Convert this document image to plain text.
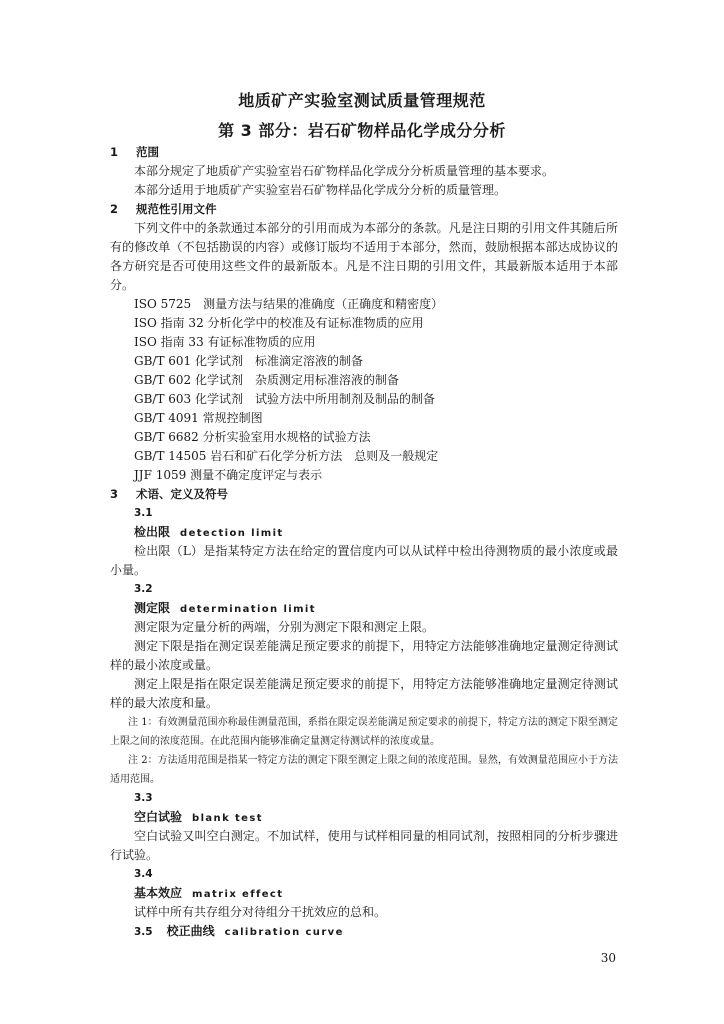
地质矿产实验室测试质量管理规范
第 3 部分：岩石矿物样品化学成分分析
1 范围
本部分规定了地质矿产实验室岩石矿物样品化学成分分析质量管理的基本要求。
本部分适用于地质矿产实验室岩石矿物样品化学成分分析的质量管理。
2 规范性引用文件
下列文件中的条款通过本部分的引用而成为本部分的条款。凡是注日期的引用文件其随后所有的修改单（不包括勘误的内容）或修订版均不适用于本部分，然而，鼓励根据本部达成协议的各方研究是否可使用这些文件的最新版本。凡是不注日期的引用文件，其最新版本适用于本部分。
ISO 5725　测量方法与结果的准确度（正确度和精密度）
ISO 指南 32 分析化学中的校准及有证标准物质的应用
ISO 指南 33 有证标准物质的应用
GB/T 601 化学试剂　标准滴定溶液的制备
GB/T 602 化学试剂　杂质测定用标准溶液的制备
GB/T 603 化学试剂　试验方法中所用制剂及制品的制备
GB/T 4091 常规控制图
GB/T 6682 分析实验室用水规格的试验方法
GB/T 14505 岩石和矿石化学分析方法　总则及一般规定
JJF 1059 测量不确定度评定与表示
3 术语、定义及符号
3.1
检出限 detection limit
检出限（L）是指某特定方法在给定的置信度内可以从试样中检出待测物质的最小浓度或最小量。
3.2
测定限 determination limit
测定限为定量分析的两端，分别为测定下限和测定上限。
测定下限是指在测定误差能满足预定要求的前提下，用特定方法能够准确地定量测定待测试样的最小浓度或量。
测定上限是指在限定误差能满足预定要求的前提下，用特定方法能够准确地定量测定待测试样的最大浓度和量。
注 1：有效测量范围亦称最佳测量范围，系指在限定误差能满足预定要求的前提下，特定方法的测定下限至测定上限之间的浓度范围。在此范围内能够准确定量测定待测试样的浓度或量。
注 2：方法适用范围是指某一特定方法的测定下限至测定上限之间的浓度范围。显然，有效测量范围应小于方法适用范围。
3.3
空白试验 blank test
空白试验又叫空白测定。不加试样，使用与试样相同量的相同试剂，按照相同的分析步骤进行试验。
3.4
基本效应 matrix effect
试样中所有共存组分对待组分干扰效应的总和。
3.5 校正曲线 calibration curve
30
